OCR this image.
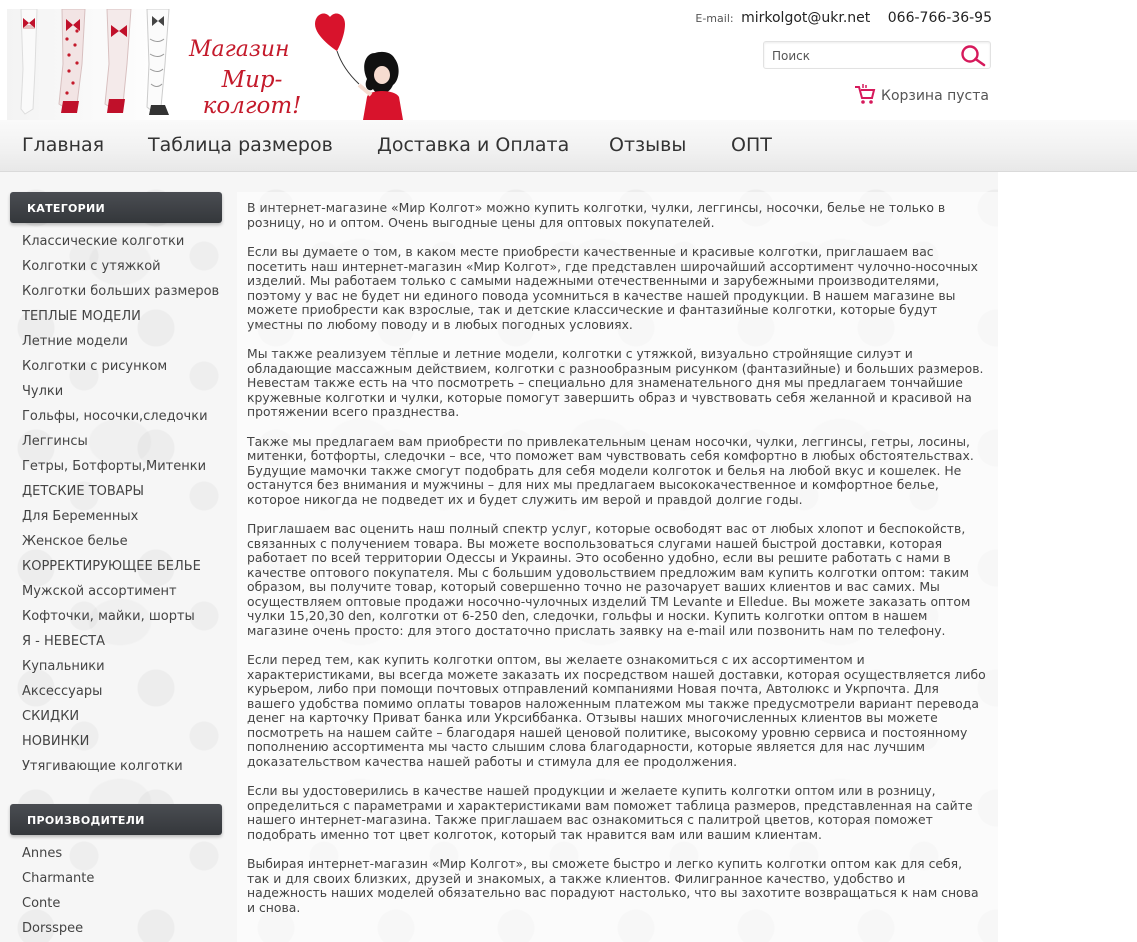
Магазин
Мир-колгот!
E-mail: mirkolgot@ukr.net 066-766-36-95
Поиск
Корзина пуста
Главная Таблица размеров Доставка и Оплата Отзывы ОПТ
КАТЕГОРИИ
Классические колготки
Колготки с утяжкой
Колготки больших размеров
ТЕПЛЫЕ МОДЕЛИ
Летние модели
Колготки с рисунком
Чулки
Гольфы, носочки,следочки
Леггинсы
Гетры, Ботфорты,Митенки
ДЕТСКИЕ ТОВАРЫ
Для Беременных
Женское белье
КОРРЕКТИРУЮЩЕЕ БЕЛЬЕ
Мужской ассортимент
Кофточки, майки, шорты
Я - НЕВЕСТА
Купальники
Аксессуары
СКИДКИ
НОВИНКИ
Утягивающие колготки
ПРОИЗВОДИТЕЛИ
Annes
Charmante
Conte
Dorsspee

В интернет-магазине «Мир Колгот» можно купить колготки, чулки, леггинсы, носочки, белье не только в розницу, но и оптом. Очень выгодные цены для оптовых покупателей.

Если вы думаете о том, в каком месте приобрести качественные и красивые колготки, приглашаем вас посетить наш интернет-магазин «Мир Колгот», где представлен широчайший ассортимент чулочно-носочных изделий. Мы работаем только с самыми надежными отечественными и зарубежными производителями, поэтому у вас не будет ни единого повода усомниться в качестве нашей продукции. В нашем магазине вы можете приобрести как взрослые, так и детские классические и фантазийные колготки, которые будут уместны по любому поводу и в любых погодных условиях.

Мы также реализуем тёплые и летние модели, колготки с утяжкой, визуально стройнящие силуэт и обладающие массажным действием, колготки с разнообразным рисунком (фантазийные) и больших размеров. Невестам также есть на что посмотреть – специально для знаменательного дня мы предлагаем тончайшие кружевные колготки и чулки, которые помогут завершить образ и чувствовать себя желанной и красивой на протяжении всего празднества.

Также мы предлагаем вам приобрести по привлекательным ценам носочки, чулки, леггинсы, гетры, лосины, митенки, ботфорты, следочки – все, что поможет вам чувствовать себя комфортно в любых обстоятельствах. Будущие мамочки также смогут подобрать для себя модели колготок и белья на любой вкус и кошелек. Не останутся без внимания и мужчины – для них мы предлагаем высококачественное и комфортное белье, которое никогда не подведет их и будет служить им верой и правдой долгие годы.

Приглашаем вас оценить наш полный спектр услуг, которые освободят вас от любых хлопот и беспокойств, связанных с получением товара. Вы можете воспользоваться слугами нашей быстрой доставки, которая работает по всей территории Одессы и Украины. Это особенно удобно, если вы решите работать с нами в качестве оптового покупателя. Мы с большим удовольствием предложим вам купить колготки оптом: таким образом, вы получите товар, который совершенно точно не разочарует ваших клиентов и вас самих. Мы осуществляем оптовые продажи носочно-чулочных изделий ТМ Levante и Elledue. Вы можете заказать оптом чулки 15,20,30 den, колготки от 6-250 den, следочки, гольфы и носки. Купить колготки оптом в нашем магазине очень просто: для этого достаточно прислать заявку на e-mail или позвонить нам по телефону.

Если перед тем, как купить колготки оптом, вы желаете ознакомиться с их ассортиментом и характеристиками, вы всегда можете заказать их посредством нашей доставки, которая осуществляется либо курьером, либо при помощи почтовых отправлений компаниями Новая почта, Автолюкс и Укрпочта. Для вашего удобства помимо оплаты товаров наложенным платежом мы также предусмотрели вариант перевода денег на карточку Приват банка или Укрсиббанка. Отзывы наших многочисленных клиентов вы можете посмотреть на нашем сайте – благодаря нашей ценовой политике, высокому уровню сервиса и постоянному пополнению ассортимента мы часто слышим слова благодарности, которые является для нас лучшим доказательством качества нашей работы и стимула для ее продолжения.

Если вы удостоверились в качестве нашей продукции и желаете купить колготки оптом или в розницу, определиться с параметрами и характеристиками вам поможет таблица размеров, представленная на сайте нашего интернет-магазина. Также приглашаем вас ознакомиться с палитрой цветов, которая поможет подобрать именно тот цвет колготок, который так нравится вам или вашим клиентам.

Выбирая интернет-магазин «Мир Колгот», вы сможете быстро и легко купить колготки оптом как для себя, так и для своих близких, друзей и знакомых, а также клиентов. Филигранное качество, удобство и надежность наших моделей обязательно вас порадуют настолько, что вы захотите возвращаться к нам снова и снова.
